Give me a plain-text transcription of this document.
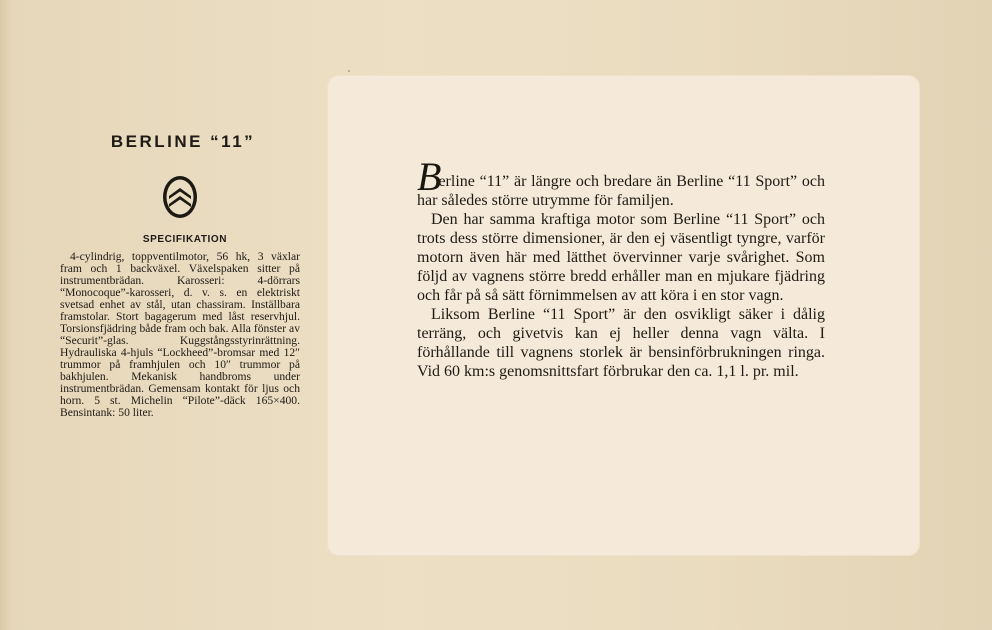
BERLINE “11”
SPECIFIKATION

4-cylindrig, toppventilmotor, 56 hk, 3 växlar fram och 1 backväxel. Växelspaken sitter på instrumentbrädan. Karosseri: 4-dörrars “Monocoque”-karosseri, d. v. s. en elektriskt svetsad enhet av stål, utan chassiram. Inställbara framstolar. Stort bagagerum med låst reservhjul. Torsionsfjädring både fram och bak. Alla fönster av “Securit”-glas. Kuggstångsstyrinrättning. Hydrauliska 4-hjuls “Lockheed”-bromsar med 12″ trummor på framhjulen och 10″ trummor på bakhjulen. Mekanisk handbroms under instrumentbrädan. Gemensam kontakt för ljus och horn. 5 st. Michelin “Pilote”-däck 165×400. Bensintank: 50 liter.

Berline “11” är längre och bredare än Berline “11 Sport” och har således större utrymme för familjen.

Den har samma kraftiga motor som Berline “11 Sport” och trots dess större dimensioner, är den ej väsentligt tyngre, varför motorn även här med lätthet övervinner varje svårighet. Som följd av vagnens större bredd erhåller man en mjukare fjädring och får på så sätt förnimmelsen av att köra i en stor vagn.

Liksom Berline “11 Sport” är den osvikligt säker i dålig terräng, och givetvis kan ej heller denna vagn välta. I förhållande till vagnens storlek är bensinförbrukningen ringa. Vid 60 km:s genomsnittsfart förbrukar den ca. 1,1 l. pr. mil.
